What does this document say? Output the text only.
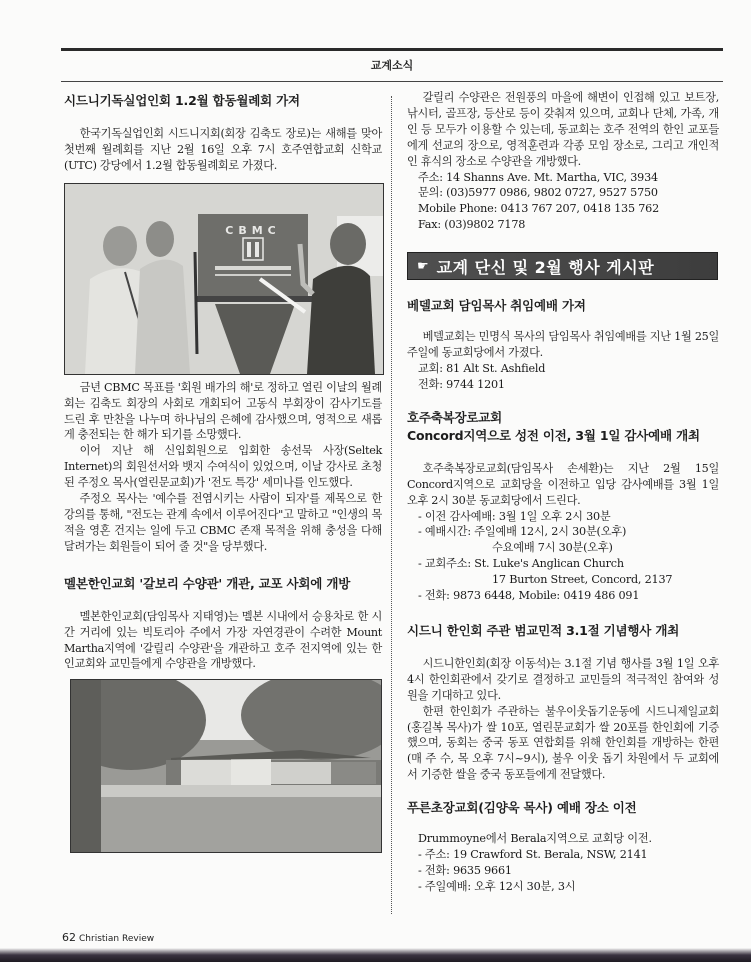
교계소식
시드니기독실업인회 1.2월 합동월례회 가져

한국기독실업인회 시드니지회(회장 김축도 장로)는 새해를 맞아 첫번째 월례회를 지난 2월 16일 오후 7시 호주연합교회 신학교(UTC) 강당에서 1.2월 합동월례회로 가졌다.

CBMC

금년 CBMC 목표를 '회원 배가의 해'로 정하고 열린 이날의 월례회는 김축도 회장의 사회로 개회되어 고동식 부회장이 감사기도를 드린 후 만찬을 나누며 하나님의 은혜에 감사했으며, 영적으로 새롭게 충전되는 한 해가 되기를 소망했다.

이어 지난 해 신입회원으로 입회한 송선묵 사장(Seltek Internet)의 회원선서와 뱃지 수여식이 있었으며, 이날 강사로 초청된 주정오 목사(열린문교회)가 '전도 특강' 세미나를 인도했다.

주정오 목사는 '예수를 전염시키는 사람이 되자'를 제목으로 한 강의를 통해, "전도는 관계 속에서 이루어진다"고 말하고 "인생의 목적을 영혼 건지는 일에 두고 CBMC 존재 목적을 위해 충성을 다해 달려가는 회원들이 되어 줄 것"을 당부했다.

멜본한인교회 '갈보리 수양관' 개관, 교포 사회에 개방

멜본한인교회(담임목사 지태영)는 멜본 시내에서 승용차로 한 시간 거리에 있는 빅토리아 주에서 가장 자연경관이 수려한 Mount Martha지역에 '갈릴리 수양관'을 개관하고 호주 전지역에 있는 한인교회와 교민들에게 수양관을 개방했다.

갈릴리 수양관은 전원풍의 마을에 해변이 인접해 있고 보트장, 낚시터, 골프장, 등산로 등이 갖춰져 있으며, 교회나 단체, 가족, 개인 등 모두가 이용할 수 있는데, 동교회는 호주 전역의 한인 교포들에게 선교의 장으로, 영적훈련과 각종 모임 장소로, 그리고 개인적인 휴식의 장소로 수양관을 개방했다.

주소: 14 Shanns Ave. Mt. Martha, VIC, 3934

문의: (03)5977 0986, 9802 0727, 9527 5750

Mobile Phone: 0413 767 207, 0418 135 762

Fax: (03)9802 7178

☛ 교계 단신 및 2월 행사 게시판
베델교회 담임목사 취임예배 가져

베델교회는 민명식 목사의 담임목사 취임예배를 지난 1월 25일 주일에 동교회당에서 가졌다.

교회: 81 Alt St. Ashfield

전화: 9744 1201

호주축복장로교회
Concord지역으로 성전 이전, 3월 1일 감사예배 개최

호주축복장로교회(담임목사 손세환)는 지난 2월 15일 Concord지역으로 교회당을 이전하고 입당 감사예배를 3월 1일 오후 2시 30분 동교회당에서 드린다.

- 이전 감사예배: 3월 1일 오후 2시 30분

- 예배시간: 주일예배 12시, 2시 30분(오후)

수요예배 7시 30분(오후)

- 교회주소: St. Luke's Anglican Church

17 Burton Street, Concord, 2137

- 전화: 9873 6448, Mobile: 0419 486 091

시드니 한인회 주관 범교민적 3.1절 기념행사 개최

시드니한인회(회장 이동석)는 3.1절 기념 행사를 3월 1일 오후 4시 한인회관에서 갖기로 결정하고 교민들의 적극적인 참여와 성원을 기대하고 있다.

한편 한인회가 주관하는 불우이웃돕기운동에 시드니제일교회(홍길복 목사)가 쌀 10포, 열린문교회가 쌀 20포를 한인회에 기증했으며, 동회는 중국 동포 연합회를 위해 한인회를 개방하는 한편(매 주 수, 목 오후 7시~9시), 불우 이웃 돕기 차원에서 두 교회에서 기증한 쌀을 중국 동포들에게 전달했다.

푸른초장교회(김양욱 목사) 예배 장소 이전

Drummoyne에서 Berala지역으로 교회당 이전.

- 주소: 19 Crawford St. Berala, NSW, 2141

- 전화: 9635 9661

- 주일예배: 오후 12시 30분, 3시

62 Christian Review
